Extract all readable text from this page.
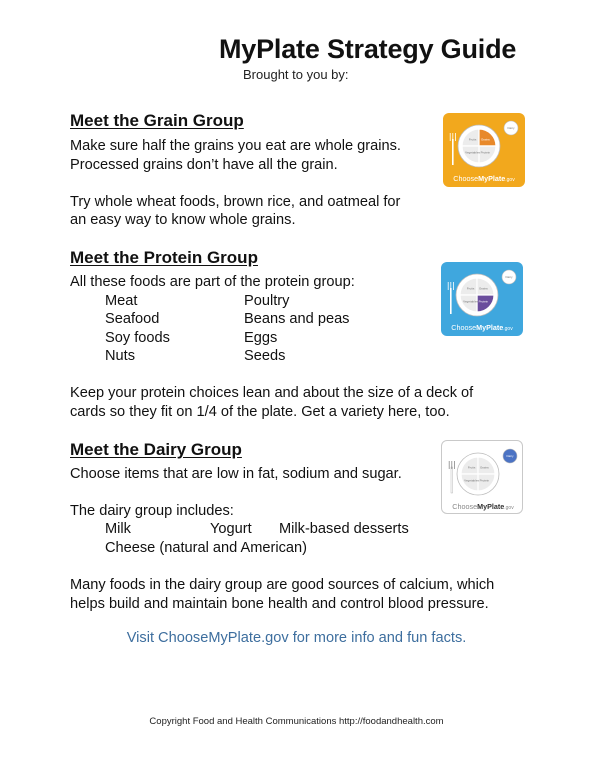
MyPlate Strategy Guide
Brought to you by:
Meet the Grain Group
Make sure half the grains you eat are whole grains.
Processed grains don’t have all the grain.

Try whole wheat foods, brown rice, and oatmeal for
an easy way to know whole grains.
Fruits Grains
Protein
Vegetables
Dairy
ChooseMyPlate.gov
Meet the Protein Group
All these foods are part of the protein group:
Meat
Seafood
Soy foods
Nuts
Poultry
Beans and peas
Eggs
Seeds
Keep your protein choices lean and about the size of a deck of
cards so they fit on 1/4 of the plate. Get a variety here, too.
Fruits Grains
Protein
Vegetables
Dairy
ChooseMyPlate.gov
Meet the Dairy Group
Choose items that are low in fat, sodium and sugar.
The dairy group includes:
Milk	Yogurt Milk-based desserts
Cheese (natural and American)
Many foods in the dairy group are good sources of calcium, which
helps build and maintain bone health and control blood pressure.
Fruits Grains
Protein
Vegetables
Dairy
ChooseMyPlate.gov
Visit ChooseMyPlate.gov for more info and fun facts.
Copyright Food and Health Communications http://foodandhealth.com
